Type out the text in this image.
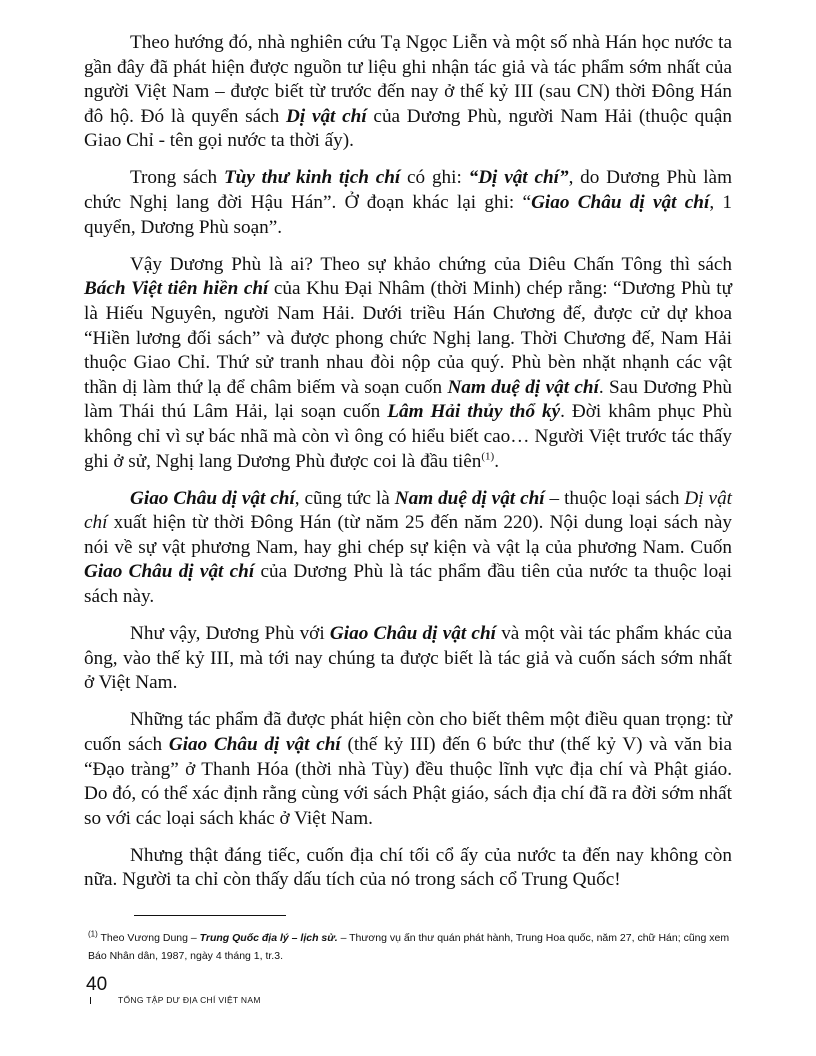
Theo hướng đó, nhà nghiên cứu Tạ Ngọc Liễn và một số nhà Hán học nước ta gần đây đã phát hiện được nguồn tư liệu ghi nhận tác giả và tác phẩm sớm nhất của người Việt Nam – được biết từ trước đến nay ở thế kỷ III (sau CN) thời Đông Hán đô hộ. Đó là quyển sách Dị vật chí của Dương Phù, người Nam Hải (thuộc quận Giao Chỉ - tên gọi nước ta thời ấy).

Trong sách Tùy thư kinh tịch chí có ghi: “Dị vật chí”, do Dương Phù làm chức Nghị lang đời Hậu Hán”. Ở đoạn khác lại ghi: “Giao Châu dị vật chí, 1 quyển, Dương Phù soạn”.

Vậy Dương Phù là ai? Theo sự khảo chứng của Diêu Chấn Tông thì sách Bách Việt tiên hiền chí của Khu Đại Nhâm (thời Minh) chép rằng: “Dương Phù tự là Hiếu Nguyên, người Nam Hải. Dưới triều Hán Chương đế, được cử dự khoa “Hiền lương đối sách” và được phong chức Nghị lang. Thời Chương đế, Nam Hải thuộc Giao Chỉ. Thứ sử tranh nhau đòi nộp của quý. Phù bèn nhặt nhạnh các vật thần dị làm thứ lạ để châm biếm và soạn cuốn Nam duệ dị vật chí. Sau Dương Phù làm Thái thú Lâm Hải, lại soạn cuốn Lâm Hải thủy thổ ký. Đời khâm phục Phù không chỉ vì sự bác nhã mà còn vì ông có hiểu biết cao… Người Việt trước tác thấy ghi ở sử, Nghị lang Dương Phù được coi là đầu tiên$^{(1)}$.

Giao Châu dị vật chí, cũng tức là Nam duệ dị vật chí – thuộc loại sách Dị vật chí xuất hiện từ thời Đông Hán (từ năm 25 đến năm 220). Nội dung loại sách này nói về sự vật phương Nam, hay ghi chép sự kiện và vật lạ của phương Nam. Cuốn Giao Châu dị vật chí của Dương Phù là tác phẩm đầu tiên của nước ta thuộc loại sách này.

Như vậy, Dương Phù với Giao Châu dị vật chí và một vài tác phẩm khác của ông, vào thế kỷ III, mà tới nay chúng ta được biết là tác giả và cuốn sách sớm nhất ở Việt Nam.

Những tác phẩm đã được phát hiện còn cho biết thêm một điều quan trọng: từ cuốn sách Giao Châu dị vật chí (thế kỷ III) đến 6 bức thư (thế kỷ V) và văn bia “Đạo tràng” ở Thanh Hóa (thời nhà Tùy) đều thuộc lĩnh vực địa chí và Phật giáo. Do đó, có thể xác định rằng cùng với sách Phật giáo, sách địa chí đã ra đời sớm nhất so với các loại sách khác ở Việt Nam.

Nhưng thật đáng tiếc, cuốn địa chí tối cổ ấy của nước ta đến nay không còn nữa. Người ta chỉ còn thấy dấu tích của nó trong sách cổ Trung Quốc!

$^{(1)}$ Theo Vương Dung – Trung Quốc địa lý – lịch sử. – Thương vụ ấn thư quán phát hành, Trung Hoa quốc, năm 27, chữ Hán; cũng xem Báo Nhân dân, 1987, ngày 4 tháng 1, tr.3.
40
TỔNG TẬP DƯ ĐỊA CHÍ VIỆT NAM
